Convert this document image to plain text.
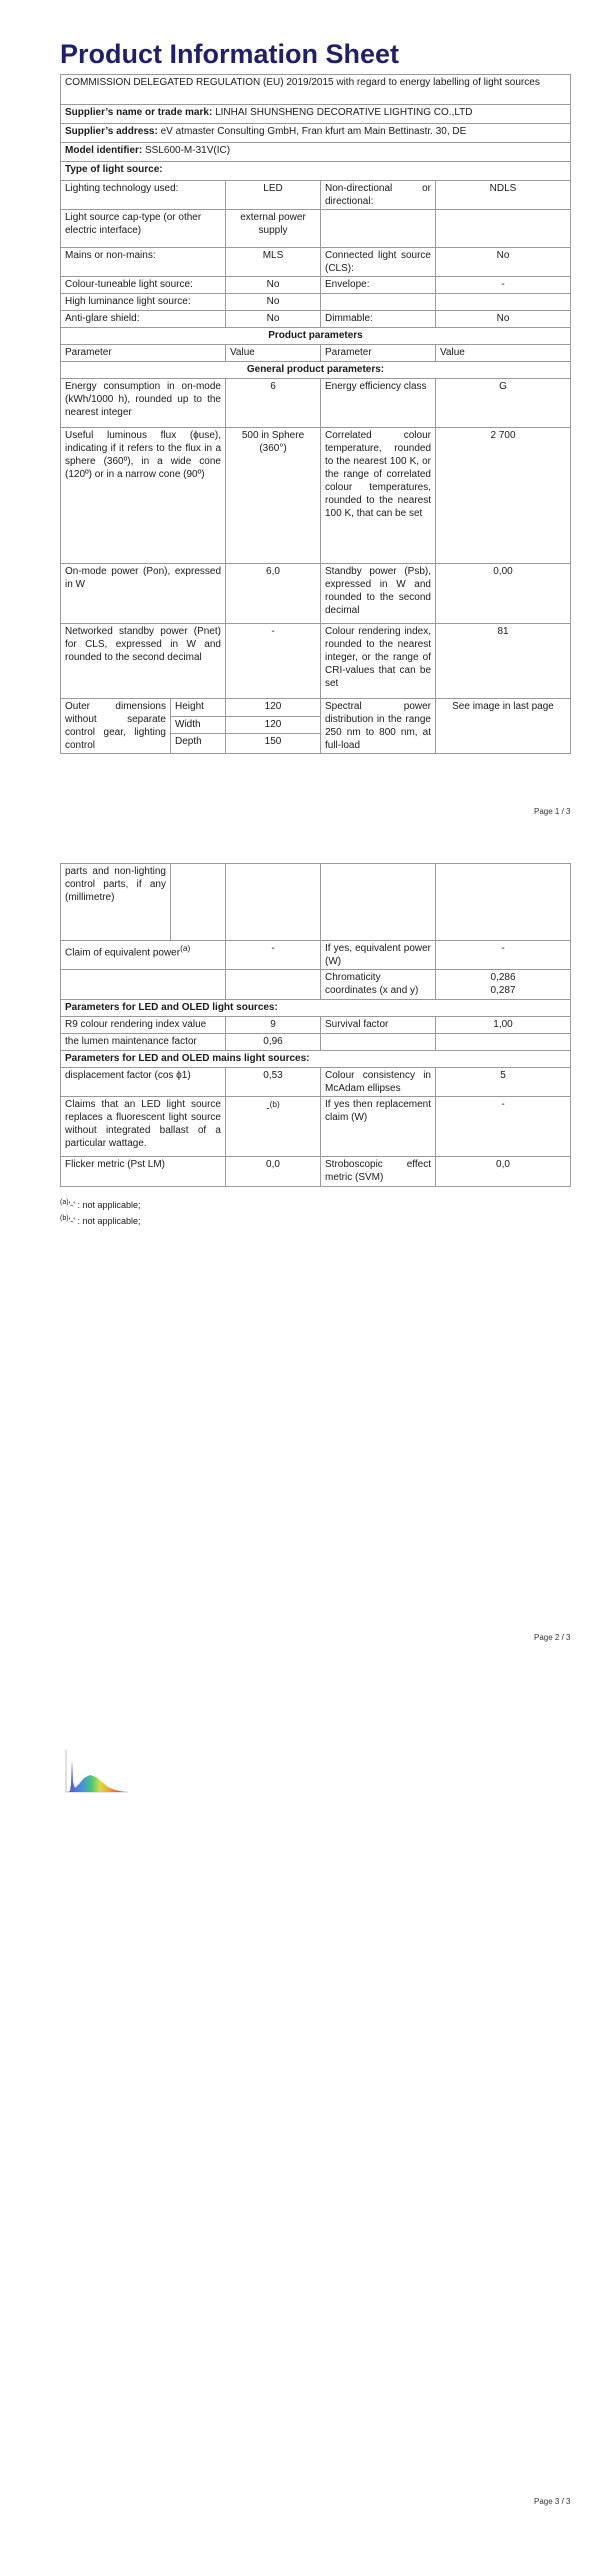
Product Information Sheet
COMMISSION DELEGATED REGULATION (EU) 2019/2015 with regard to energy labelling of light sources				
Supplier’s name or trade mark: LINHAI SHUNSHENG DECORATIVE LIGHTING CO.,LTD				
Supplier’s address: eV atmaster Consulting GmbH, Fran kfurt am Main Bettinastr. 30, DE				
Model identifier: SSL600-M-31V(IC)				
Type of light source:				
Lighting technology used:		LED	Non-directional or directional:	NDLS
Light source cap-type (or other electric interface)		external power supply		
Mains or non-mains:		MLS	Connected light source (CLS):	No
Colour-tuneable light source:		No	Envelope:	-
High luminance light source:		No		
Anti-glare shield:		No	Dimmable:	No
Product parameters				
Parameter		Value	Parameter	Value
General product parameters:				
Energy consumption in on-mode (kWh/1000 h), rounded up to the nearest integer		6	Energy efficiency class	G
Useful luminous flux (ϕuse), indicating if it refers to the flux in a sphere (360º), in a wide cone (120º) or in a narrow cone (90º)		500 in Sphere (360°)	Correlated colour temperature, rounded to the nearest 100 K, or the range of correlated colour temperatures, rounded to the nearest 100 K, that can be set	2 700
On-mode power (Pon), expressed in W		6,0	Standby power (Psb), expressed in W and rounded to the second decimal	0,00
Networked standby power (Pnet) for CLS, expressed in W and rounded to the second decimal		-	Colour rendering index, rounded to the nearest integer, or the range of CRI-values that can be set	81
Outer dimensions without separate control gear, lighting control	Height	120	Spectral power distribution in the range 250 nm to 800 nm, at full-load	See image in last page
	Width	120		
	Depth	150		
Page 1 / 3
parts and non-lighting control parts, if any (millimetre)				
Claim of equivalent power$^{(a)}$		-	If yes, equivalent power (W)	-
			Chromaticity coordinates (x and y)	0,286
0,287
Parameters for LED and OLED light sources:				
R9 colour rendering index value		9	Survival factor	1,00
the lumen maintenance factor		0,96		
Parameters for LED and OLED mains light sources:				
displacement factor (cos ϕ1)		0,53	Colour consistency in McAdam ellipses	5
Claims that an LED light source replaces a fluorescent light source without integrated ballast of a particular wattage.		-$^{(b)}$	If yes then replacement claim (W)	-
Flicker metric (Pst LM)		0,0	Stroboscopic effect metric (SVM)	0,0
$^{(a)}$'-' : not applicable;
$^{(b)}$'-' : not applicable;
Page 2 / 3
Page 3 / 3
